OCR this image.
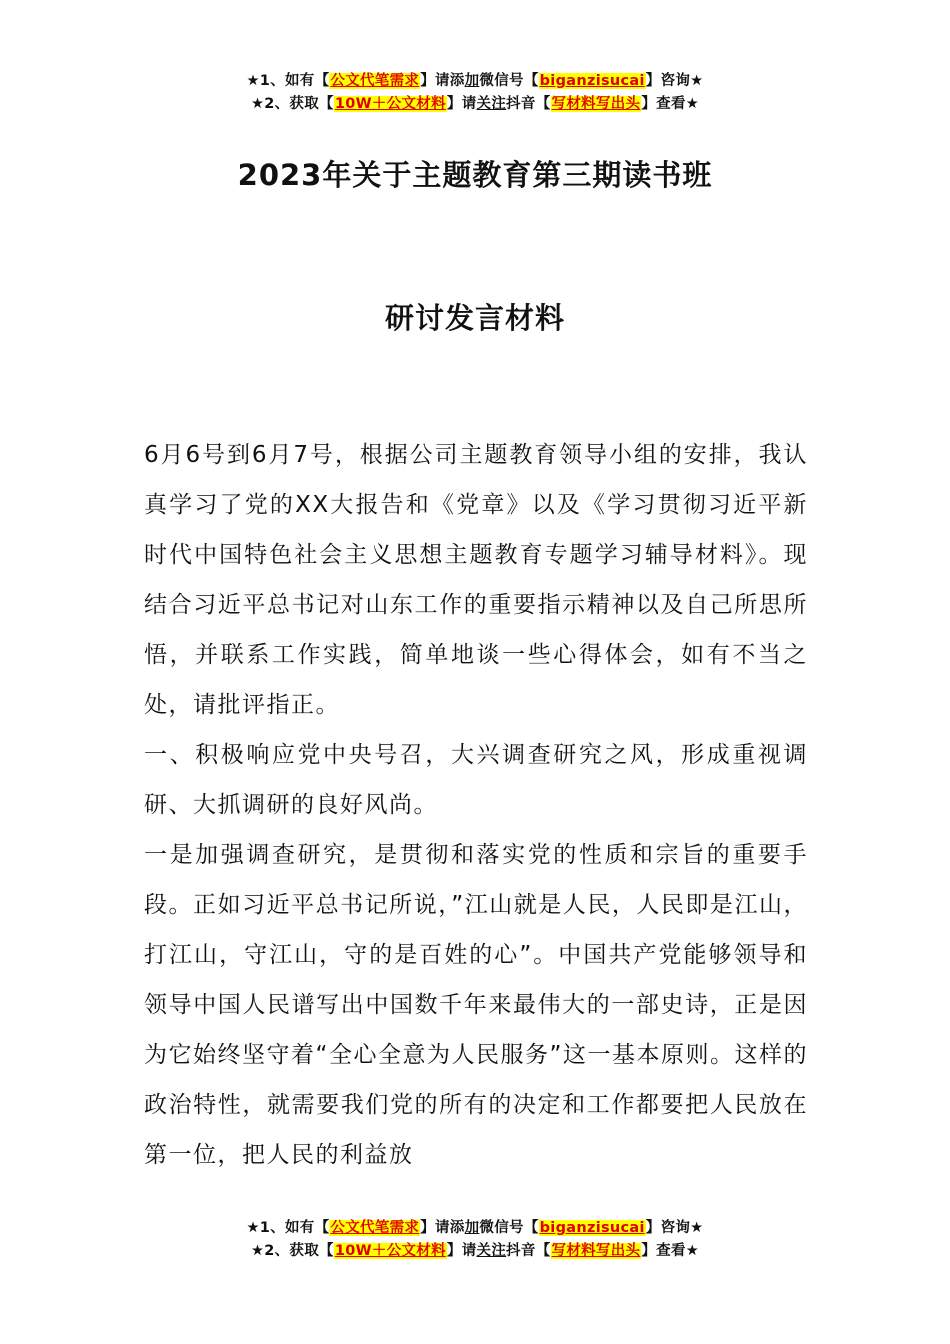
★1、如有【公文代笔需求】请添加微信号【biganzisucai】咨询★
★2、获取【10W＋公文材料】请关注抖音【写材料写出头】查看★
2023年关于主题教育第三期读书班
研讨发言材料

6月6号到6月7号，根据公司主题教育领导小组的安排，我认真学习了党的XX大报告和《党章》以及《学习贯彻习近平新时代中国特色社会主义思想主题教育专题学习辅导材料》。现结合习近平总书记对山东工作的重要指示精神以及自己所思所悟，并联系工作实践，简单地谈一些心得体会，如有不当之处，请批评指正。

一、积极响应党中央号召，大兴调查研究之风，形成重视调研、大抓调研的良好风尚。

一是加强调查研究，是贯彻和落实党的性质和宗旨的重要手段。正如习近平总书记所说，”江山就是人民，人民即是江山，打江山，守江山，守的是百姓的心”。中国共产党能够领导和领导中国人民谱写出中国数千年来最伟大的一部史诗，正是因为它始终坚守着“全心全意为人民服务”这一基本原则。这样的政治特性，就需要我们党的所有的决定和工作都要把人民放在第一位，把人民的利益放

★1、如有【公文代笔需求】请添加微信号【biganzisucai】咨询★
★2、获取【10W＋公文材料】请关注抖音【写材料写出头】查看★
